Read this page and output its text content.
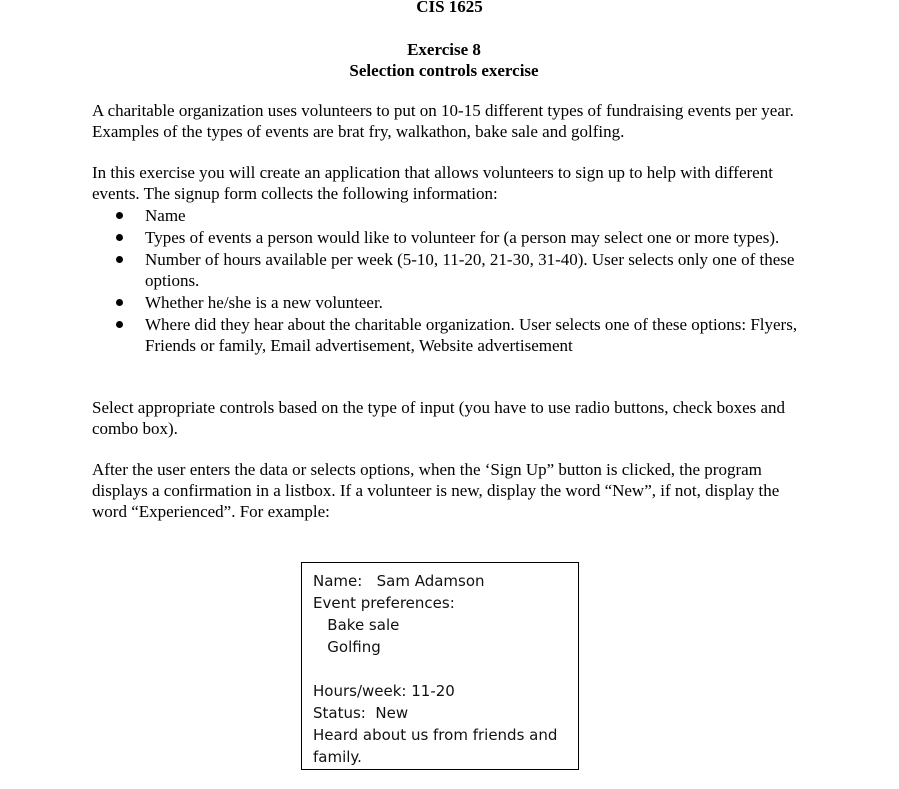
CIS 1625
Exercise 8
Selection controls exercise

A charitable organization uses volunteers to put on 10-15 different types of fundraising events per year. Examples of the types of events are brat fry, walkathon, bake sale and golfing.

In this exercise you will create an application that allows volunteers to sign up to help with different events. The signup form collects the following information:

Name
Types of events a person would like to volunteer for (a person may select one or more types).
Number of hours available per week (5-10, 11-20, 21-30, 31-40). User selects only one of these options.
Whether he/she is a new volunteer.
Where did they hear about the charitable organization. User selects one of these options: Flyers, Friends or family, Email advertisement, Website advertisement

Select appropriate controls based on the type of input (you have to use radio buttons, check boxes and combo box).

After the user enters the data or selects options, when the ‘Sign Up” button is clicked, the program displays a confirmation in a listbox. If a volunteer is new, display the word “New”, if not, display the word “Experienced”. For example:

Name:   Sam Adamson
Event preferences:
Bake sale
Golfing
Hours/week: 11-20
Status:  New
Heard about us from friends and
family.
